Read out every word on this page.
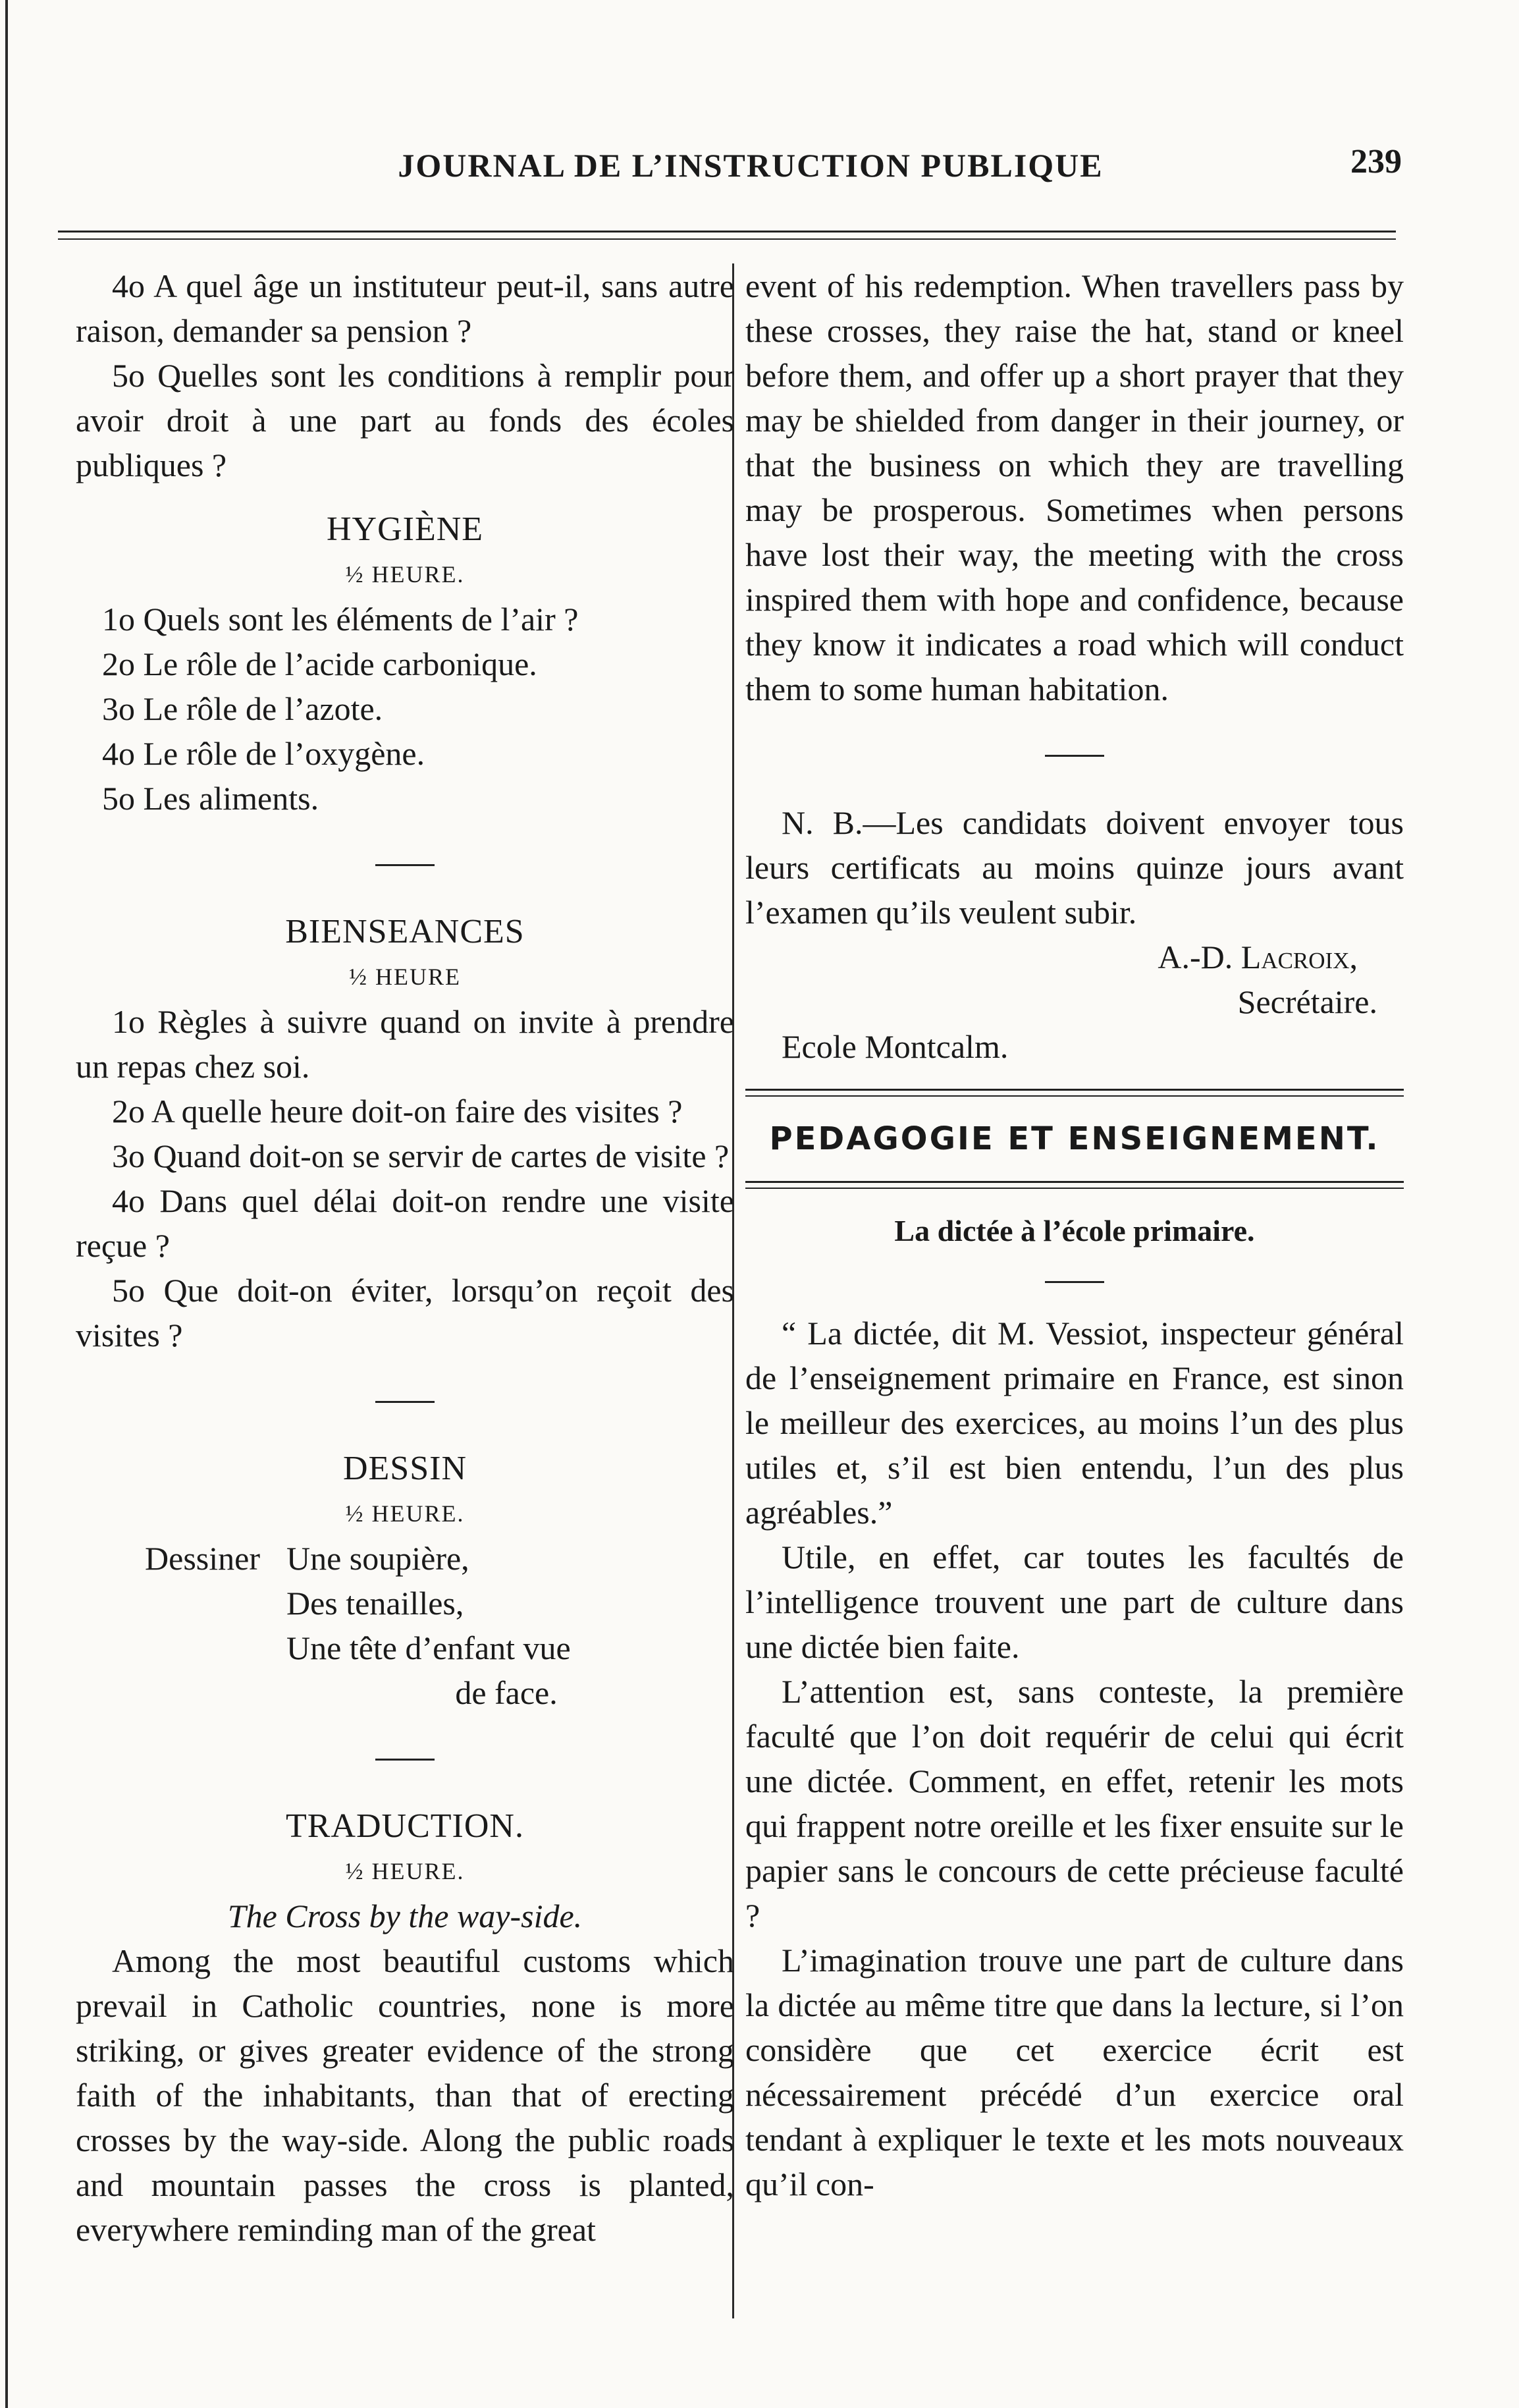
JOURNAL DE L’INSTRUCTION PUBLIQUE	239

4o A quel âge un instituteur peut-il, sans autre raison, demander sa pension ?

5o Quelles sont les conditions à remplir pour avoir droit à une part au fonds des écoles publiques ?

HYGIÈNE

½ HEURE.

1o Quels sont les éléments de l’air ?

2o Le rôle de l’acide carbonique.

3o Le rôle de l’azote.

4o Le rôle de l’oxygène.

5o Les aliments.

BIENSEANCES

½ HEURE

1o Règles à suivre quand on invite à prendre un repas chez soi.

2o A quelle heure doit-on faire des visites ?

3o Quand doit-on se servir de cartes de visite ?

4o Dans quel délai doit-on rendre une visite reçue ?

5o Que doit-on éviter, lorsqu’on reçoit des visites ?

DESSIN

½ HEURE.

Dessiner Une soupière,

Des tenailles,

Une tête d’enfant vue

de face.

TRADUCTION.

½ HEURE.

The Cross by the way-side.

Among the most beautiful customs which prevail in Catholic countries, none is more striking, or gives greater evidence of the strong faith of the inhabitants, than that of erecting crosses by the way-side. Along the public roads and mountain passes the cross is planted, everywhere reminding man of the great

event of his redemption. When travellers pass by these crosses, they raise the hat, stand or kneel before them, and offer up a short prayer that they may be shielded from danger in their journey, or that the business on which they are travelling may be prosperous. Sometimes when persons have lost their way, the meeting with the cross inspired them with hope and confidence, because they know it indicates a road which will conduct them to some human habitation.

N. B.—Les candidats doivent envoyer tous leurs certificats au moins quinze jours avant l’examen qu’ils veulent subir.

A.-D. Lacroix,

Secrétaire.

Ecole Montcalm.

PEDAGOGIE ET ENSEIGNEMENT.

La dictée à l’école primaire.

“ La dictée, dit M. Vessiot, inspecteur général de l’enseignement primaire en France, est sinon le meilleur des exercices, au moins l’un des plus utiles et, s’il est bien entendu, l’un des plus agréables.”

Utile, en effet, car toutes les facultés de l’intelligence trouvent une part de culture dans une dictée bien faite.

L’attention est, sans conteste, la première faculté que l’on doit requérir de celui qui écrit une dictée. Comment, en effet, retenir les mots qui frappent notre oreille et les fixer ensuite sur le papier sans le concours de cette précieuse faculté ?

L’imagination trouve une part de culture dans la dictée au même titre que dans la lecture, si l’on considère que cet exercice écrit est nécessairement précédé d’un exercice oral tendant à expliquer le texte et les mots nouveaux qu’il con-
